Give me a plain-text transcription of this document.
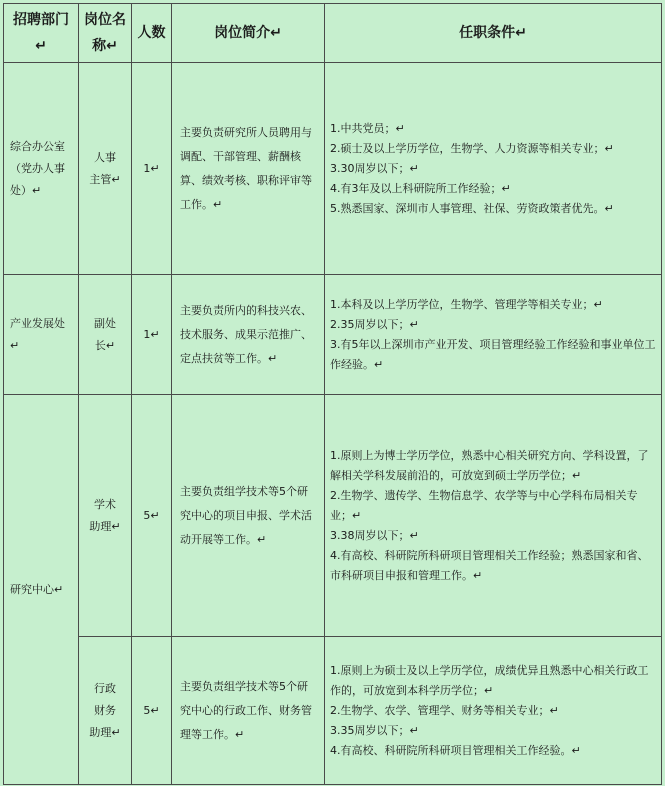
招聘部门↵	岗位名称↵	人数	岗位简介↵	任职条件↵
综合办公室（党办人事处）↵	人事主管↵	1↵	主要负责研究所人员聘用与调配、干部管理、薪酬核算、绩效考核、职称评审等工作。↵	1.中共党员；↵
2.硕士及以上学历学位，生物学、人力资源等相关专业；↵
3.30周岁以下；↵
4.有3年及以上科研院所工作经验；↵
5.熟悉国家、深圳市人事管理、社保、劳资政策者优先。↵

产业发展处↵	副处长↵	1↵	主要负责所内的科技兴农、技术服务、成果示范推广、定点扶贫等工作。↵	1.本科及以上学历学位，生物学、管理学等相关专业；↵
2.35周岁以下；↵
3.有5年以上深圳市产业开发、项目管理经验工作经验和事业单位工作经验。↵

研究中心↵	学术助理↵	5↵	主要负责组学技术等5个研究中心的项目申报、学术活动开展等工作。↵	1.原则上为博士学历学位，熟悉中心相关研究方向、学科设置，了解相关学科发展前沿的，可放宽到硕士学历学位；↵
2.生物学、遗传学、生物信息学、农学等与中心学科布局相关专业；↵
3.38周岁以下；↵
4.有高校、科研院所科研项目管理相关工作经验；熟悉国家和省、市科研项目申报和管理工作。↵

	行政财务助理↵	5↵	主要负责组学技术等5个研究中心的行政工作、财务管理等工作。↵	1.原则上为硕士及以上学历学位，成绩优异且熟悉中心相关行政工作的，可放宽到本科学历学位；↵
2.生物学、农学、管理学、财务等相关专业；↵
3.35周岁以下；↵
4.有高校、科研院所科研项目管理相关工作经验。↵
